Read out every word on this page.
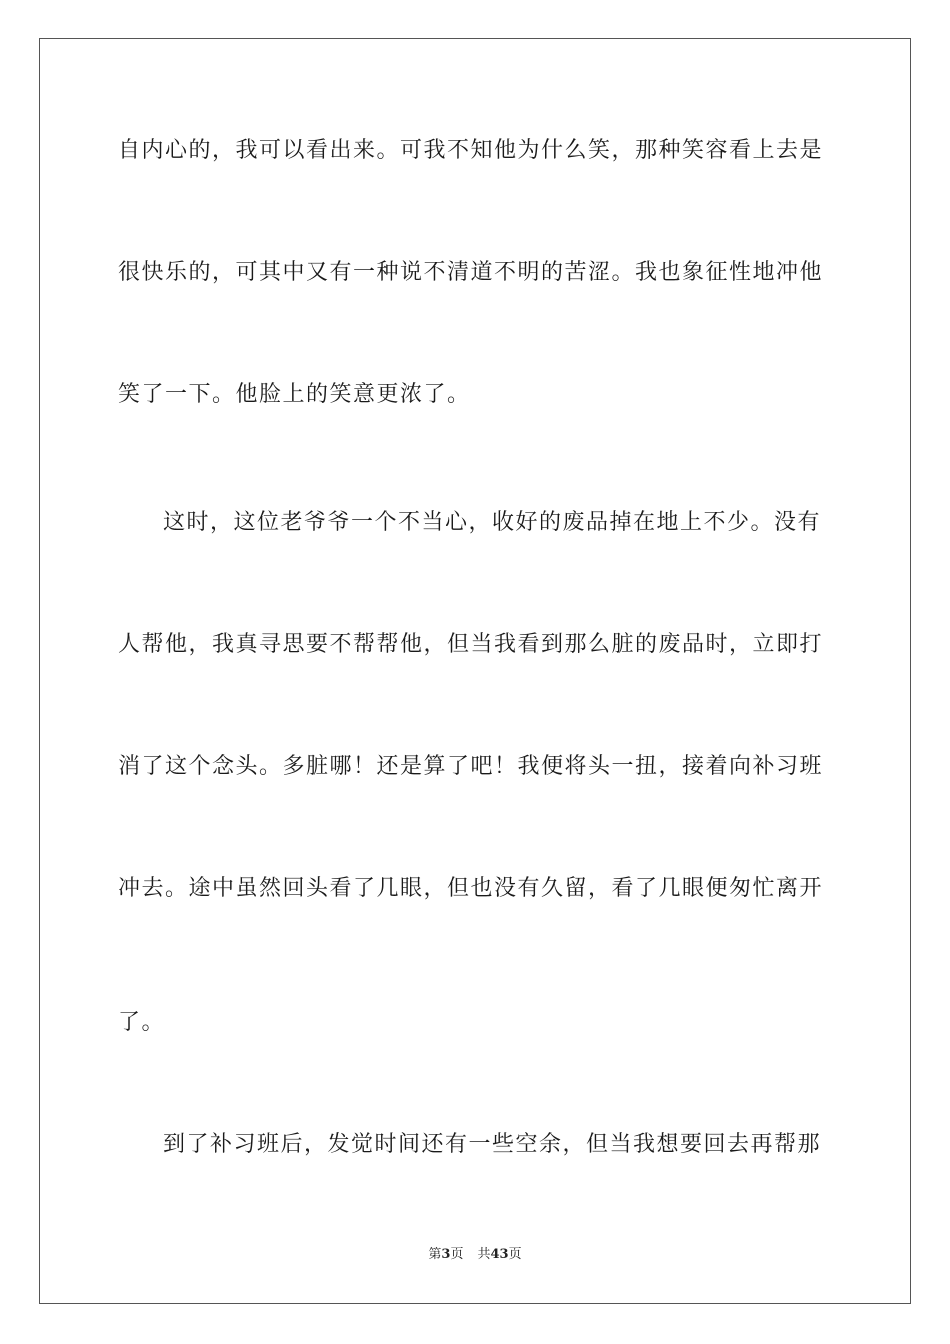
自内心的，我可以看出来。可我不知他为什么笑，那种笑容看上去是
很快乐的，可其中又有一种说不清道不明的苦涩。我也象征性地冲他
笑了一下。他脸上的笑意更浓了。
这时，这位老爷爷一个不当心，收好的废品掉在地上不少。没有
人帮他，我真寻思要不帮帮他，但当我看到那么脏的废品时，立即打
消了这个念头。多脏哪！还是算了吧！我便将头一扭，接着向补习班
冲去。途中虽然回头看了几眼，但也没有久留，看了几眼便匆忙离开
了。
到了补习班后，发觉时间还有一些空余，但当我想要回去再帮那
第3页 共43页
